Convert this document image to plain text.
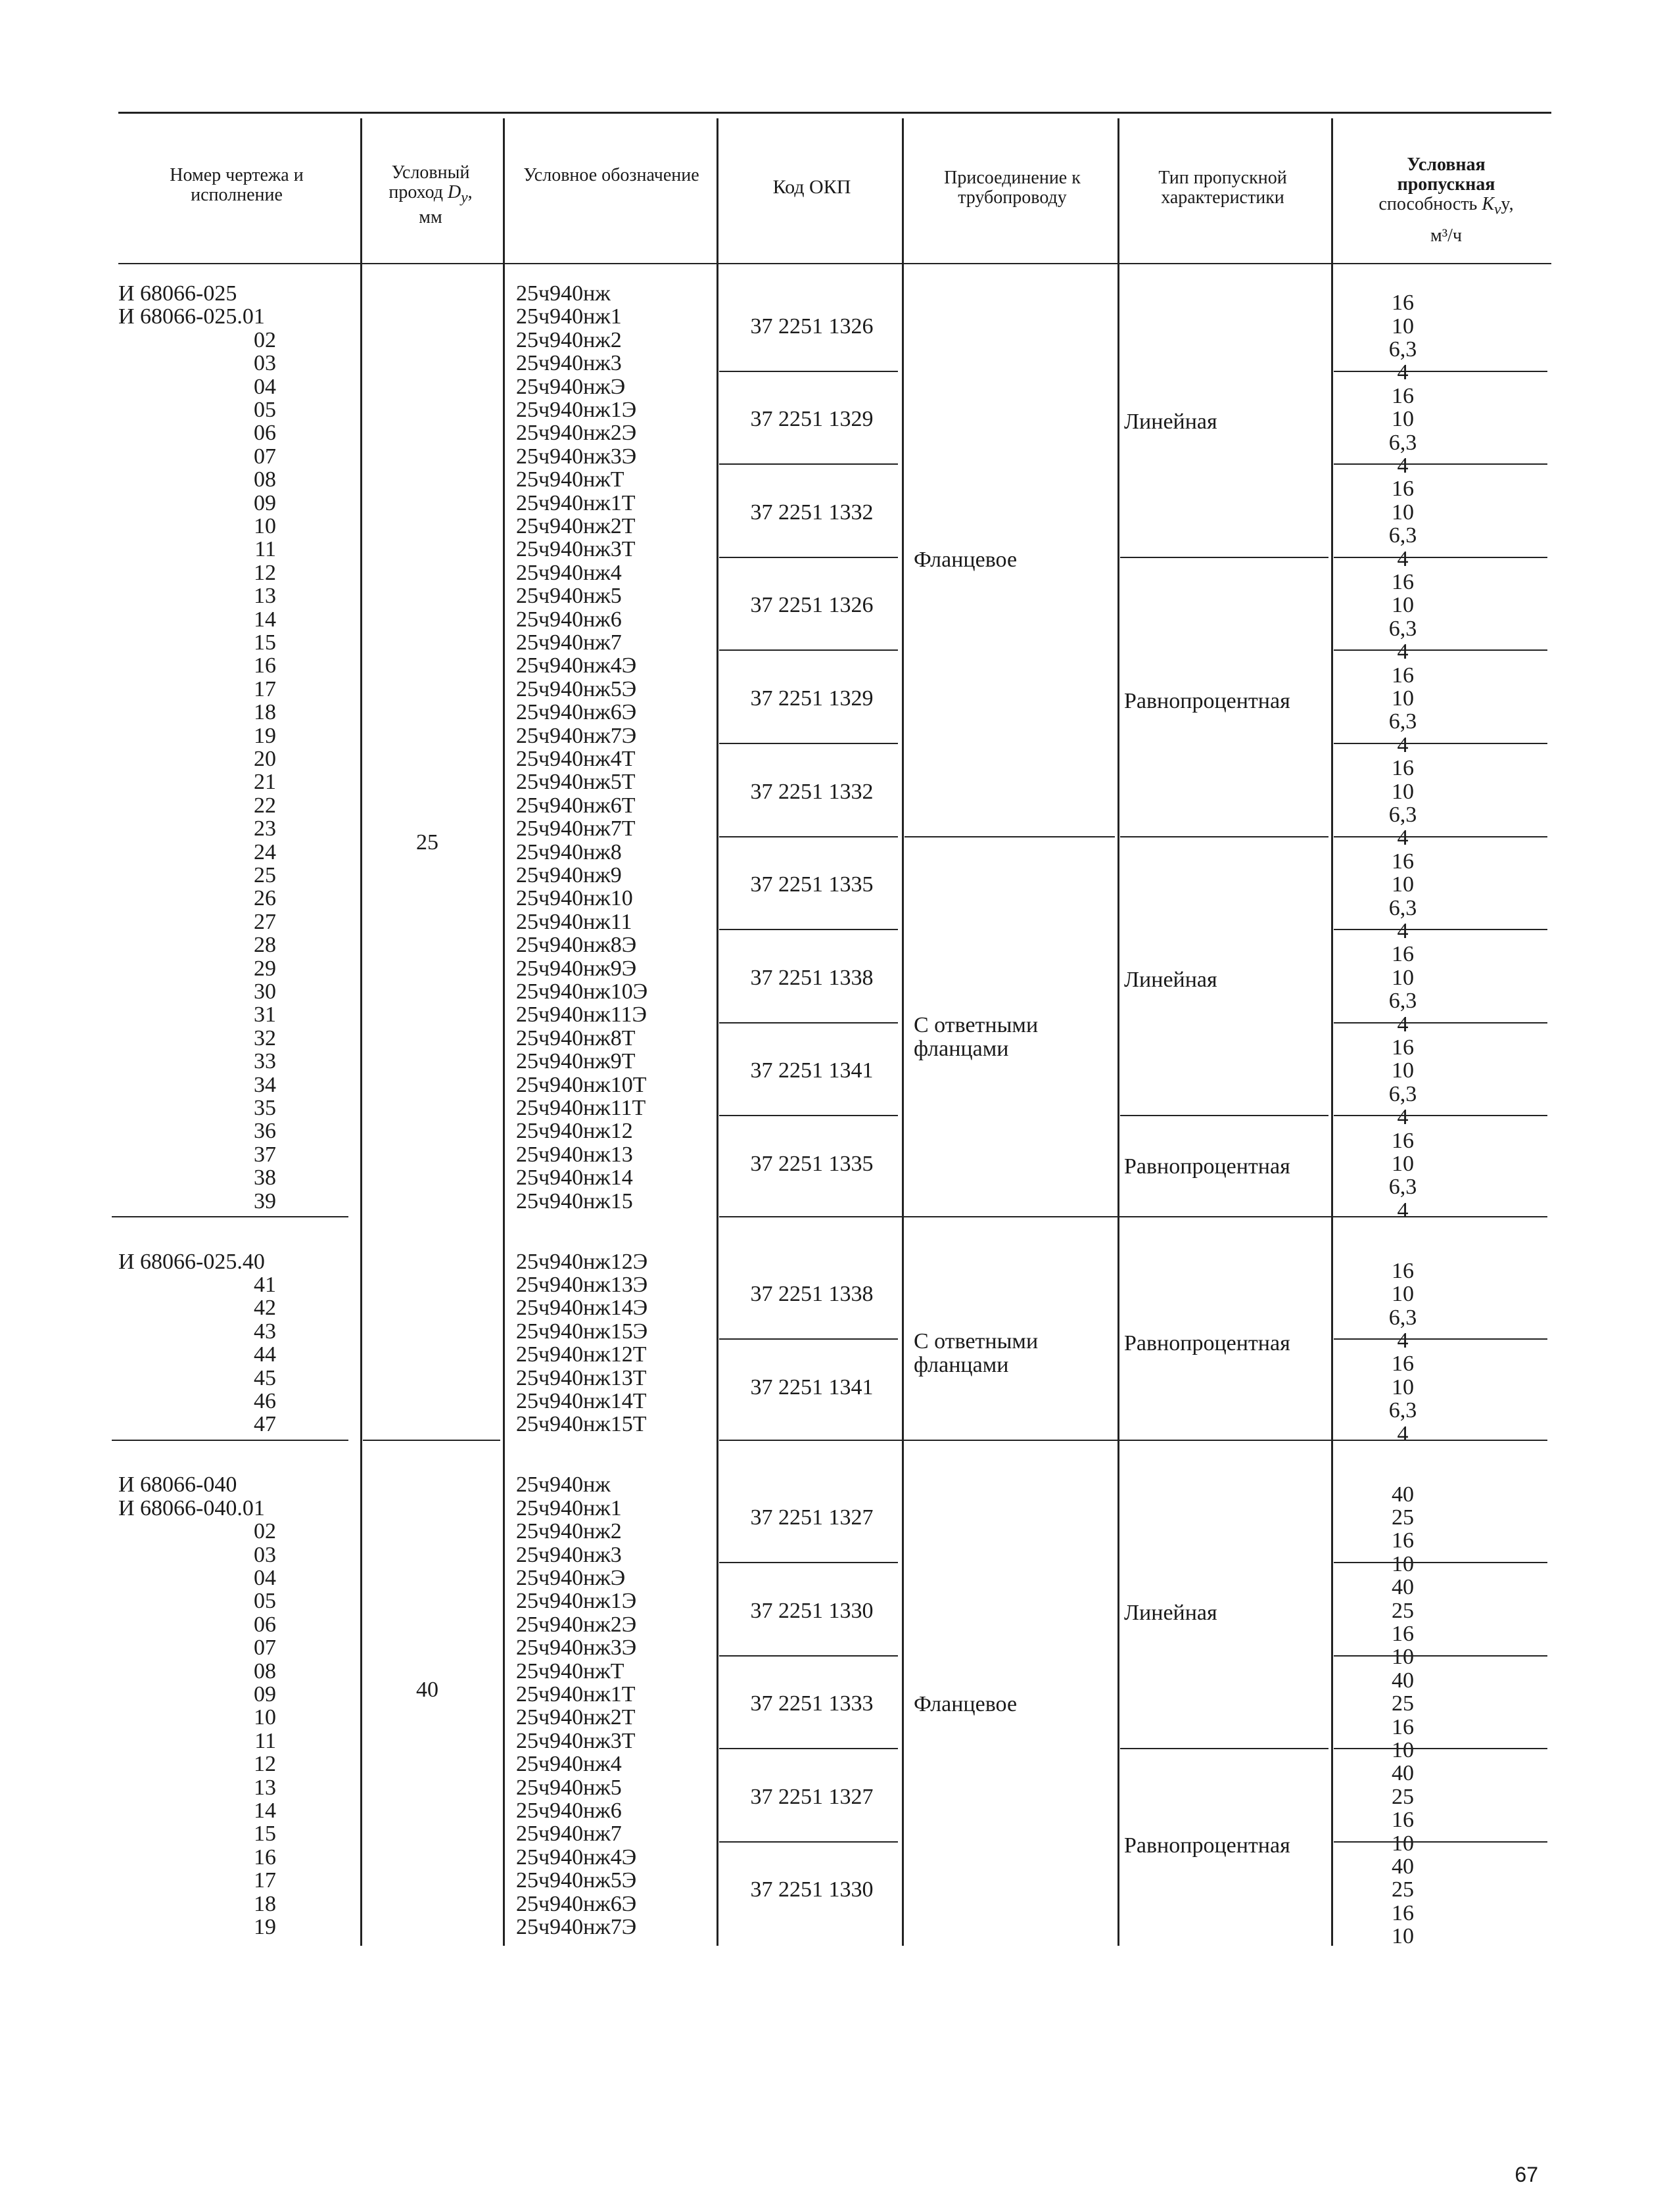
Номер чертежа и исполнение
Условный
проход $D_y$,
мм
Условное обозначение
Код ОКП	Присоединение к трубопроводу
Тип пропускной характеристики
Условная
пропускная
способность $K_vy$,
м³/ч
И 68066-025
И 68066-025.01
02
03
04
05
06
07
08
09
10
11
12
13
14
15
16
17
18
19
20
21
22
23
24
25
26
27
28
29
30
31
32
33
34
35
36
37
38
39
25ч940нж
25ч940нж1
25ч940нж2
25ч940нж3
37 2251 1326
16
10
6,3
4
25ч940нжЭ
25ч940нж1Э
25ч940нж2Э
25ч940нж3Э
37 2251 1329
16
10
6,3
4
25ч940нжТ
25ч940нж1Т
25ч940нж2Т
25ч940нж3Т
37 2251 1332
16
10
6,3
4
25ч940нж4
25ч940нж5
25ч940нж6
25ч940нж7
37 2251 1326
16
10
6,3
4
25ч940нж4Э
25ч940нж5Э
25ч940нж6Э
25ч940нж7Э
37 2251 1329
16
10
6,3
4
25ч940нж4Т
25ч940нж5Т
25ч940нж6Т
25ч940нж7Т
37 2251 1332
16
10
6,3
4
25ч940нж8
25ч940нж9
25ч940нж10
25ч940нж11
37 2251 1335
16
10
6,3
4
25ч940нж8Э
25ч940нж9Э
25ч940нж10Э
25ч940нж11Э
37 2251 1338
16
10
6,3
4
25ч940нж8Т
25ч940нж9Т
25ч940нж10Т
25ч940нж11Т
37 2251 1341
16
10
6,3
4
25ч940нж12
25ч940нж13
25ч940нж14
25ч940нж15
37 2251 1335
16
10
6,3
4
Фланцевое
С ответными фланцами
Линейная
Равнопроцентная
Линейная
Равнопроцентная
25
И 68066-025.40
41
42
43
44
45
46
47
25ч940нж12Э
25ч940нж13Э
25ч940нж14Э
25ч940нж15Э
37 2251 1338
16
10
6,3
4
25ч940нж12Т
25ч940нж13Т
25ч940нж14Т
25ч940нж15Т
37 2251 1341
16
10
6,3
4
С ответными фланцами
Равнопроцентная
И 68066-040
И 68066-040.01
02
03
04
05
06
07
08
09
10
11
12
13
14
15
16
17
18
19
25ч940нж
25ч940нж1
25ч940нж2
25ч940нж3
37 2251 1327
40
25
16
10
25ч940нжЭ
25ч940нж1Э
25ч940нж2Э
25ч940нж3Э
37 2251 1330
40
25
16
10
25ч940нжТ
25ч940нж1Т
25ч940нж2Т
25ч940нж3Т
37 2251 1333
40
25
16
10
25ч940нж4
25ч940нж5
25ч940нж6
25ч940нж7
37 2251 1327
40
25
16
10
25ч940нж4Э
25ч940нж5Э
25ч940нж6Э
25ч940нж7Э
37 2251 1330
40
25
16
10
Фланцевое
Линейная
Равнопроцентная
40
67
